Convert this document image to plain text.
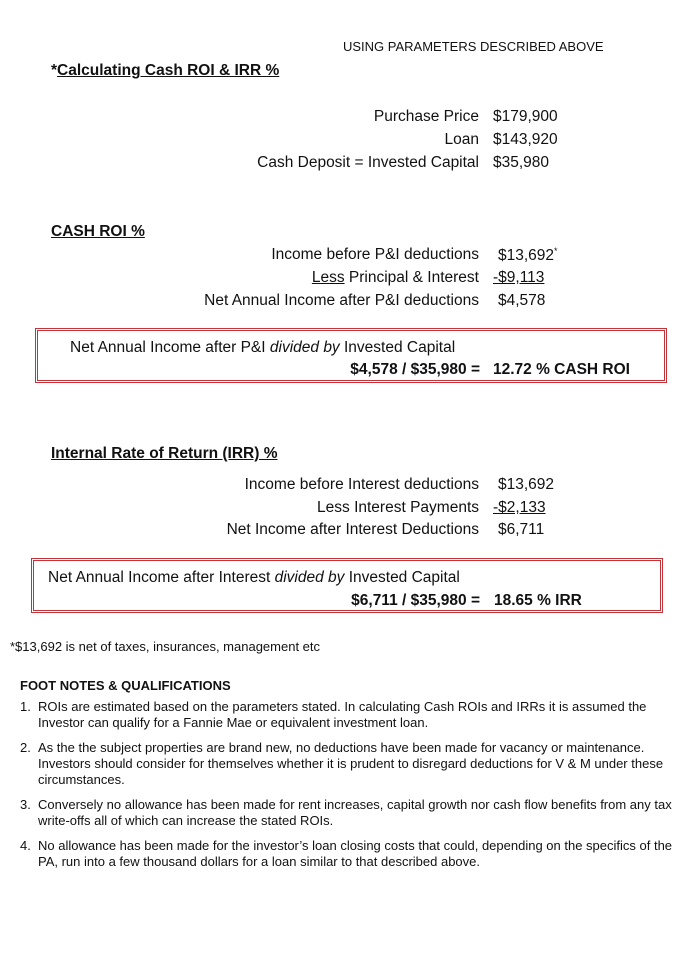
USING PARAMETERS DESCRIBED ABOVE
*Calculating Cash ROI & IRR %
Purchase Price $179,900
Loan $143,920
Cash Deposit = Invested Capital $35,980
CASH ROI %
Income before P&I deductions $13,692*
Less Principal & Interest -$9,113
Net Annual Income after P&I deductions $4,578
Net Annual Income after P&I divided by Invested Capital
$4,578 / $35,980 = 12.72 % CASH ROI
Internal Rate of Return (IRR) %
Income before Interest deductions $13,692
Less Interest Payments -$2,133
Net Income after Interest Deductions $6,711
Net Annual Income after Interest divided by Invested Capital
$6,711 / $35,980 = 18.65 % IRR
*$13,692 is net of taxes, insurances, management etc
FOOT NOTES & QUALIFICATIONS
1. ROIs are estimated based on the parameters stated. In calculating Cash ROIs and IRRs it is assumed the Investor can qualify for a Fannie Mae or equivalent investment loan.
2. As the the subject properties are brand new, no deductions have been made for vacancy or maintenance. Investors should consider for themselves whether it is prudent to disregard deductions for V & M under these circumstances.
3. Conversely no allowance has been made for rent increases, capital growth nor cash flow benefits from any tax write-offs all of which can increase the stated ROIs.
4. No allowance has been made for the investor’s loan closing costs that could, depending on the specifics of the PA, run into a few thousand dollars for a loan similar to that described above.
